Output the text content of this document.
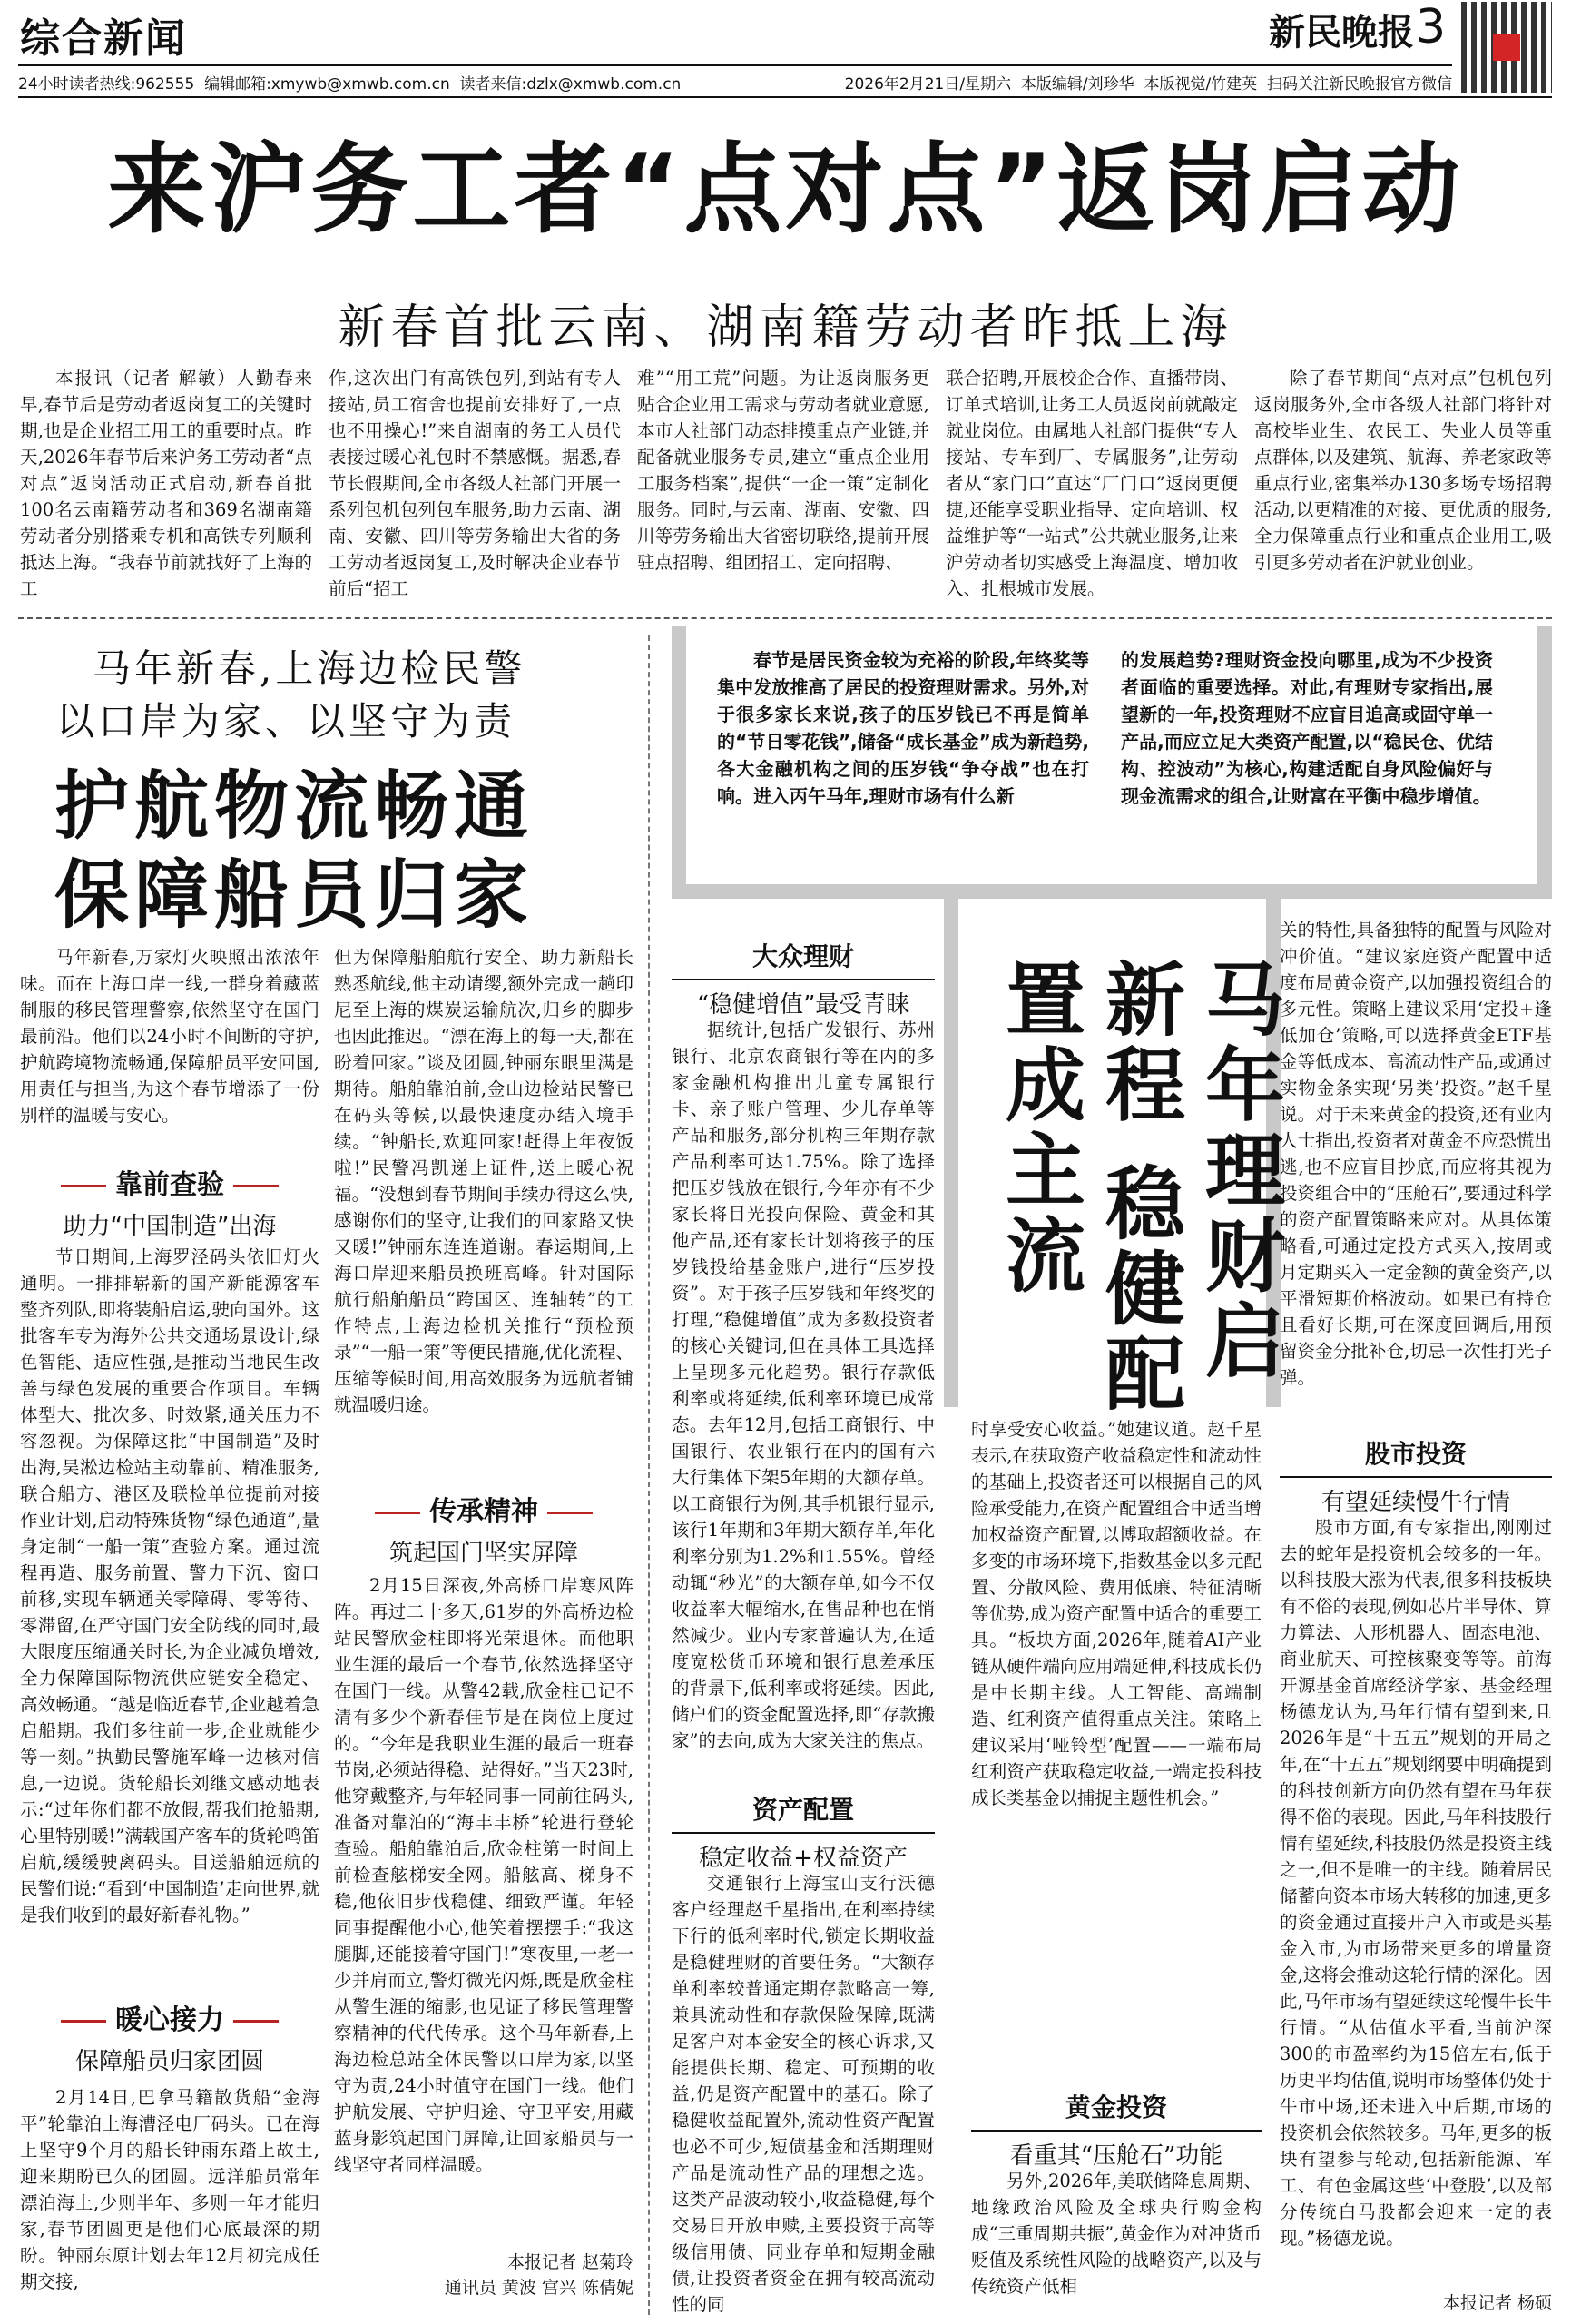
综合新闻	新民晚报 3
24小时读者热线:962555 编辑邮箱:xmywb@xmwb.com.cn 读者来信:dzlx@xmwb.com.cn	2026年2月21日/星期六 本版编辑/刘珍华 本版视觉/竹建英 扫码关注新民晚报官方微信
来沪务工者“点对点”返岗启动
新春首批云南、湖南籍劳动者昨抵上海

本报讯（记者 解敏）人勤春来早,春节后是劳动者返岗复工的关键时期,也是企业招工用工的重要时点。昨天,2026年春节后来沪务工劳动者“点对点”返岗活动正式启动,新春首批100名云南籍劳动者和369名湖南籍劳动者分别搭乘专机和高铁专列顺利抵达上海。“我春节前就找好了上海的工

作,这次出门有高铁包列,到站有专人接站,员工宿舍也提前安排好了,一点也不用操心!”来自湖南的务工人员代表接过暖心礼包时不禁感慨。据悉,春节长假期间,全市各级人社部门开展一系列包机包列包车服务,助力云南、湖南、安徽、四川等劳务输出大省的务工劳动者返岗复工,及时解决企业春节前后“招工

难”“用工荒”问题。为让返岗服务更贴合企业用工需求与劳动者就业意愿,本市人社部门动态排摸重点产业链,并配备就业服务专员,建立“重点企业用工服务档案”,提供“一企一策”定制化服务。同时,与云南、湖南、安徽、四川等劳务输出大省密切联络,提前开展驻点招聘、组团招工、定向招聘、

联合招聘,开展校企合作、直播带岗、订单式培训,让务工人员返岗前就敲定就业岗位。由属地人社部门提供“专人接站、专车到厂、专属服务”,让劳动者从“家门口”直达“厂门口”返岗更便捷,还能享受职业指导、定向培训、权益维护等“一站式”公共就业服务,让来沪劳动者切实感受上海温度、增加收入、扎根城市发展。

除了春节期间“点对点”包机包列返岗服务外,全市各级人社部门将针对高校毕业生、农民工、失业人员等重点群体,以及建筑、航海、养老家政等重点行业,密集举办130多场专场招聘活动,以更精准的对接、更优质的服务,全力保障重点行业和重点企业用工,吸引更多劳动者在沪就业创业。

马年新春,上海边检民警
以口岸为家、以坚守为责
护航物流畅通
保障船员归家

马年新春,万家灯火映照出浓浓年味。而在上海口岸一线,一群身着藏蓝制服的移民管理警察,依然坚守在国门最前沿。他们以24小时不间断的守护,护航跨境物流畅通,保障船员平安回国,用责任与担当,为这个春节增添了一份别样的温暖与安心。

靠前查验
助力“中国制造”出海

节日期间,上海罗泾码头依旧灯火通明。一排排崭新的国产新能源客车整齐列队,即将装船启运,驶向国外。这批客车专为海外公共交通场景设计,绿色智能、适应性强,是推动当地民生改善与绿色发展的重要合作项目。车辆体型大、批次多、时效紧,通关压力不容忽视。为保障这批“中国制造”及时出海,吴淞边检站主动靠前、精准服务,联合船方、港区及联检单位提前对接作业计划,启动特殊货物“绿色通道”,量身定制“一船一策”查验方案。通过流程再造、服务前置、警力下沉、窗口前移,实现车辆通关零障碍、零等待、零滞留,在严守国门安全防线的同时,最大限度压缩通关时长,为企业减负增效,全力保障国际物流供应链安全稳定、高效畅通。“越是临近春节,企业越着急启船期。我们多往前一步,企业就能少等一刻。”执勤民警施军峰一边核对信息,一边说。货轮船长刘继文感动地表示:“过年你们都不放假,帮我们抢船期,心里特别暖!”满载国产客车的货轮鸣笛启航,缓缓驶离码头。目送船舶远航的民警们说:“看到‘中国制造’走向世界,就是我们收到的最好新春礼物。”

暖心接力
保障船员归家团圆

2月14日,巴拿马籍散货船“金海平”轮靠泊上海漕泾电厂码头。已在海上坚守9个月的船长钟雨东踏上故土,迎来期盼已久的团圆。远洋船员常年漂泊海上,少则半年、多则一年才能归家,春节团圆更是他们心底最深的期盼。钟丽东原计划去年12月初完成任期交接,

但为保障船舶航行安全、助力新船长熟悉航线,他主动请缨,额外完成一趟印尼至上海的煤炭运输航次,归乡的脚步也因此推迟。“漂在海上的每一天,都在盼着回家。”谈及团圆,钟丽东眼里满是期待。船舶靠泊前,金山边检站民警已在码头等候,以最快速度办结入境手续。“钟船长,欢迎回家!赶得上年夜饭啦!”民警冯凯递上证件,送上暖心祝福。“没想到春节期间手续办得这么快,感谢你们的坚守,让我们的回家路又快又暖!”钟丽东连连道谢。春运期间,上海口岸迎来船员换班高峰。针对国际航行船舶船员“跨国区、连轴转”的工作特点,上海边检机关推行“预检预录”“一船一策”等便民措施,优化流程、压缩等候时间,用高效服务为远航者铺就温暖归途。

传承精神
筑起国门坚实屏障

2月15日深夜,外高桥口岸寒风阵阵。再过二十多天,61岁的外高桥边检站民警欣金柱即将光荣退休。而他职业生涯的最后一个春节,依然选择坚守在国门一线。从警42载,欣金柱已记不清有多少个新春佳节是在岗位上度过的。“今年是我职业生涯的最后一班春节岗,必须站得稳、站得好。”当天23时,他穿戴整齐,与年轻同事一同前往码头,准备对靠泊的“海丰丰桥”轮进行登轮查验。船舶靠泊后,欣金柱第一时间上前检查舷梯安全网。船舷高、梯身不稳,他依旧步伐稳健、细致严谨。年轻同事提醒他小心,他笑着摆摆手:“我这腿脚,还能接着守国门!”寒夜里,一老一少并肩而立,警灯微光闪烁,既是欣金柱从警生涯的缩影,也见证了移民管理警察精神的代代传承。这个马年新春,上海边检总站全体民警以口岸为家,以坚守为责,24小时值守在国门一线。他们护航发展、守护归途、守卫平安,用藏蓝身影筑起国门屏障,让回家船员与一线坚守者同样温暖。

本报记者 赵菊玲
通讯员 黄波 宫兴 陈倩妮

春节是居民资金较为充裕的阶段,年终奖等集中发放推高了居民的投资理财需求。另外,对于很多家长来说,孩子的压岁钱已不再是简单的“节日零花钱”,储备“成长基金”成为新趋势,各大金融机构之间的压岁钱“争夺战”也在打响。进入丙午马年,理财市场有什么新

的发展趋势?理财资金投向哪里,成为不少投资者面临的重要选择。对此,有理财专家指出,展望新的一年,投资理财不应盲目追高或固守单一产品,而应立足大类资产配置,以“稳民仓、优结构、控波动”为核心,构建适配自身风险偏好与现金流需求的组合,让财富在平衡中稳步增值。

马年理财启新程 稳健配置成主流
大众理财
“稳健增值”最受青睐

据统计,包括广发银行、苏州银行、北京农商银行等在内的多家金融机构推出儿童专属银行卡、亲子账户管理、少儿存单等产品和服务,部分机构三年期存款产品利率可达1.75%。除了选择把压岁钱放在银行,今年亦有不少家长将目光投向保险、黄金和其他产品,还有家长计划将孩子的压岁钱投给基金账户,进行“压岁投资”。对于孩子压岁钱和年终奖的打理,“稳健增值”成为多数投资者的核心关键词,但在具体工具选择上呈现多元化趋势。银行存款低利率或将延续,低利率环境已成常态。去年12月,包括工商银行、中国银行、农业银行在内的国有六大行集体下架5年期的大额存单。以工商银行为例,其手机银行显示,该行1年期和3年期大额存单,年化利率分别为1.2%和1.55%。曾经动辄“秒光”的大额存单,如今不仅收益率大幅缩水,在售品种也在悄然减少。业内专家普遍认为,在适度宽松货币环境和银行息差承压的背景下,低利率或将延续。因此,储户们的资金配置选择,即“存款搬家”的去向,成为大家关注的焦点。

资产配置
稳定收益+权益资产

交通银行上海宝山支行沃德客户经理赵千星指出,在利率持续下行的低利率时代,锁定长期收益是稳健理财的首要任务。“大额存单利率较普通定期存款略高一筹,兼具流动性和存款保险保障,既满足客户对本金安全的核心诉求,又能提供长期、稳定、可预期的收益,仍是资产配置中的基石。除了稳健收益配置外,流动性资产配置也必不可少,短债基金和活期理财产品是流动性产品的理想之选。这类产品波动较小,收益稳健,每个交易日开放申赎,主要投资于高等级信用债、同业存单和短期金融债,让投资者资金在拥有较高流动性的同

时享受安心收益。”她建议道。赵千星表示,在获取资产收益稳定性和流动性的基础上,投资者还可以根据自己的风险承受能力,在资产配置组合中适当增加权益资产配置,以博取超额收益。在多变的市场环境下,指数基金以多元配置、分散风险、费用低廉、特征清晰等优势,成为资产配置中适合的重要工具。“板块方面,2026年,随着AI产业链从硬件端向应用端延伸,科技成长仍是中长期主线。人工智能、高端制造、红利资产值得重点关注。策略上建议采用‘哑铃型’配置——一端布局红利资产获取稳定收益,一端定投科技成长类基金以捕捉主题性机会。”

黄金投资
看重其“压舱石”功能

另外,2026年,美联储降息周期、地缘政治风险及全球央行购金构成“三重周期共振”,黄金作为对冲货币贬值及系统性风险的战略资产,以及与传统资产低相

关的特性,具备独特的配置与风险对冲价值。“建议家庭资产配置中适度布局黄金资产,以加强投资组合的多元性。策略上建议采用‘定投+逢低加仓’策略,可以选择黄金ETF基金等低成本、高流动性产品,或通过实物金条实现‘另类’投资。”赵千星说。对于未来黄金的投资,还有业内人士指出,投资者对黄金不应恐慌出逃,也不应盲目抄底,而应将其视为投资组合中的“压舱石”,要通过科学的资产配置策略来应对。从具体策略看,可通过定投方式买入,按周或月定期买入一定金额的黄金资产,以平滑短期价格波动。如果已有持仓且看好长期,可在深度回调后,用预留资金分批补仓,切忌一次性打光子弹。

股市投资
有望延续慢牛行情

股市方面,有专家指出,刚刚过去的蛇年是投资机会较多的一年。以科技股大涨为代表,很多科技板块有不俗的表现,例如芯片半导体、算力算法、人形机器人、固态电池、商业航天、可控核聚变等等。前海开源基金首席经济学家、基金经理杨德龙认为,马年行情有望到来,且2026年是“十五五”规划的开局之年,在“十五五”规划纲要中明确提到的科技创新方向仍然有望在马年获得不俗的表现。因此,马年科技股行情有望延续,科技股仍然是投资主线之一,但不是唯一的主线。随着居民储蓄向资本市场大转移的加速,更多的资金通过直接开户入市或是买基金入市,为市场带来更多的增量资金,这将会推动这轮行情的深化。因此,马年市场有望延续这轮慢牛长牛行情。“从估值水平看,当前沪深300的市盈率约为15倍左右,低于历史平均估值,说明市场整体仍处于牛市中场,还未进入中后期,市场的投资机会依然较多。马年,更多的板块有望参与轮动,包括新能源、军工、有色金属这些‘中登股’,以及部分传统白马股都会迎来一定的表现。”杨德龙说。

本报记者 杨硕
